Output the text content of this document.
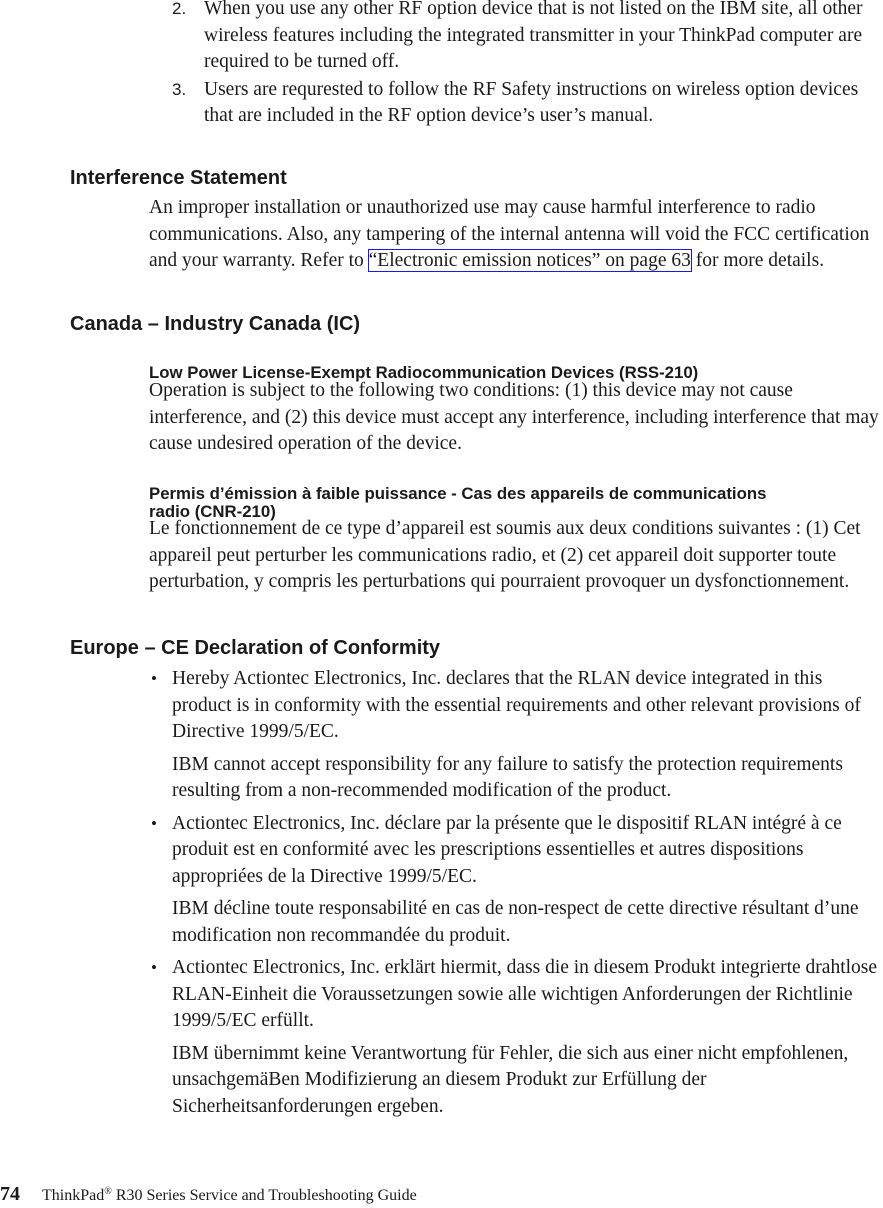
2. When you use any other RF option device that is not listed on the IBM site, all other wireless features including the integrated transmitter in your ThinkPad computer are required to be turned off.
3. Users are requrested to follow the RF Safety instructions on wireless option devices that are included in the RF option device’s user’s manual.
Interference Statement
An improper installation or unauthorized use may cause harmful interference to radio communications. Also, any tampering of the internal antenna will void the FCC certification and your warranty. Refer to “Electronic emission notices” on page 63 for more details.
Canada – Industry Canada (IC)
Low Power License-Exempt Radiocommunication Devices (RSS-210)
Operation is subject to the following two conditions: (1) this device may not cause interference, and (2) this device must accept any interference, including interference that may cause undesired operation of the device.
Permis d’émission à faible puissance - Cas des appareils de communications radio (CNR-210)
Le fonctionnement de ce type d’appareil est soumis aux deux conditions suivantes : (1) Cet appareil peut perturber les communications radio, et (2) cet appareil doit supporter toute perturbation, y compris les perturbations qui pourraient provoquer un dysfonctionnement.
Europe – CE Declaration of Conformity
• Hereby Actiontec Electronics, Inc. declares that the RLAN device integrated in this product is in conformity with the essential requirements and other relevant provisions of Directive 1999/5/EC.
IBM cannot accept responsibility for any failure to satisfy the protection requirements resulting from a non-recommended modification of the product.
• Actiontec Electronics, Inc. déclare par la présente que le dispositif RLAN intégré à ce produit est en conformité avec les prescriptions essentielles et autres dispositions appropriées de la Directive 1999/5/EC.
IBM décline toute responsabilité en cas de non-respect de cette directive résultant d’une modification non recommandée du produit.
• Actiontec Electronics, Inc. erklärt hiermit, dass die in diesem Produkt integrierte drahtlose RLAN-Einheit die Voraussetzungen sowie alle wichtigen Anforderungen der Richtlinie 1999/5/EC erfüllt.
IBM übernimmt keine Verantwortung für Fehler, die sich aus einer nicht empfohlenen, unsachgemäBen Modifizierung an diesem Produkt zur Erfüllung der Sicherheitsanforderungen ergeben.
74 ThinkPad® R30 Series Service and Troubleshooting Guide
